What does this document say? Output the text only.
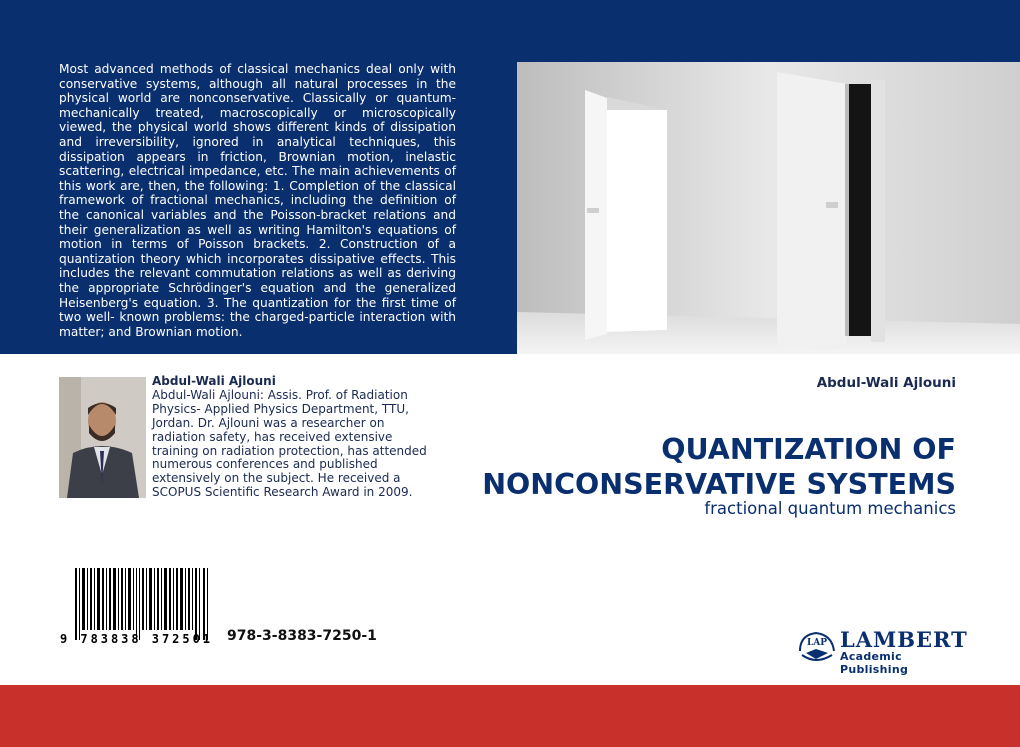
Most advanced methods of classical mechanics deal only with conservative systems, although all natural processes in the physical world are nonconservative. Classically or quantum-mechanically treated, macroscopically or microscopically viewed, the physical world shows different kinds of dissipation and irreversibility, ignored in analytical techniques, this dissipation appears in friction, Brownian motion, inelastic scattering, electrical impedance, etc. The main achievements of this work are, then, the following: 1. Completion of the classical framework of fractional mechanics, including the definition of the canonical variables and the Poisson-bracket relations and their generalization as well as writing Hamilton's equations of motion in terms of Poisson brackets. 2. Construction of a quantization theory which incorporates dissipative effects. This includes the relevant commutation relations as well as deriving the appropriate Schrödinger's equation and the generalized Heisenberg's equation. 3. The quantization for the first time of two well- known problems: the charged-particle interaction with matter; and Brownian motion.

Abdul-Wali Ajlouni
Abdul-Wali Ajlouni: Assis. Prof. of Radiation Physics- Applied Physics Department, TTU, Jordan. Dr. Ajlouni was a researcher on radiation safety, has received extensive training on radiation protection, has attended numerous conferences and published extensively on the subject. He received a SCOPUS Scientific Research Award in 2009.
Abdul-Wali Ajlouni
QUANTIZATION OF
NONCONSERVATIVE SYSTEMS
fractional quantum mechanics
9 783838 372501 978-3-8383-7250-1	LAP LAMBERT
Academic Publishing
